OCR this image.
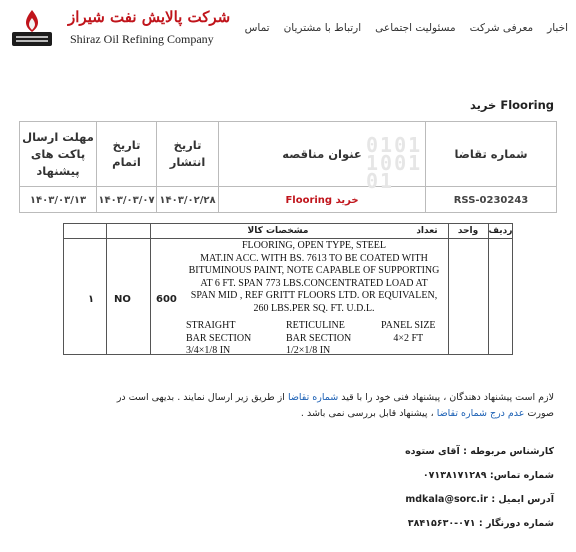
شرکت پالایش نفت شیراز
Shiraz Oil Refining Company
اخبار
معرفی شرکت
مسئولیت اجتماعی
ارتباط با مشتریان
تماس
Flooring خرید
0101
1001
01
شماره تقاضا
RSS-0230243
عنوان مناقصه
Flooring خرید
تاریخ
انتشار
۱۴۰۳/۰۲/۲۸
تاریخ
اتمام
۱۴۰۳/۰۳/۰۷
مهلت ارسال
پاکت های
پیشنهاد
۱۴۰۳/۰۳/۱۳
ردیف
واحد
تعداد
مشخصات کالا
FLOORING, OPEN TYPE, STEEL
MAT.IN ACC. WITH BS. 7613 TO BE COATED WITH
BITUMINOUS PAINT, NOTE CAPABLE OF SUPPORTING
AT 6 FT. SPAN 773 LBS.CONCENTRATED LOAD AT
SPAN MID , REF GRITT FLOORS LTD. OR EQUIVALEN,
260 LBS.PER SQ. FT. U.D.L.
STRAIGHT
BAR SECTION
3/4×1/8 IN
RETICULINE
BAR SECTION
1/2×1/8 IN
PANEL SIZE
4×2 FT
600
NO
۱
لازم است پیشنهاد دهندگان ، پیشنهاد فنی خود را با قید شماره تقاضا از طریق زیر ارسال نمایند . بدیهی است در
صورت عدم درج شماره تقاضا ، پیشنهاد قابل بررسی نمی باشد .
کارشناس مربوطه : آقای ستوده
شماره تماس: ۰۷۱۳۸۱۷۱۲۸۹
آدرس ایمیل : mdkala@sorc.ir
شماره دورنگار : ۰۷۱-۳۸۴۱۵۶۳۰
